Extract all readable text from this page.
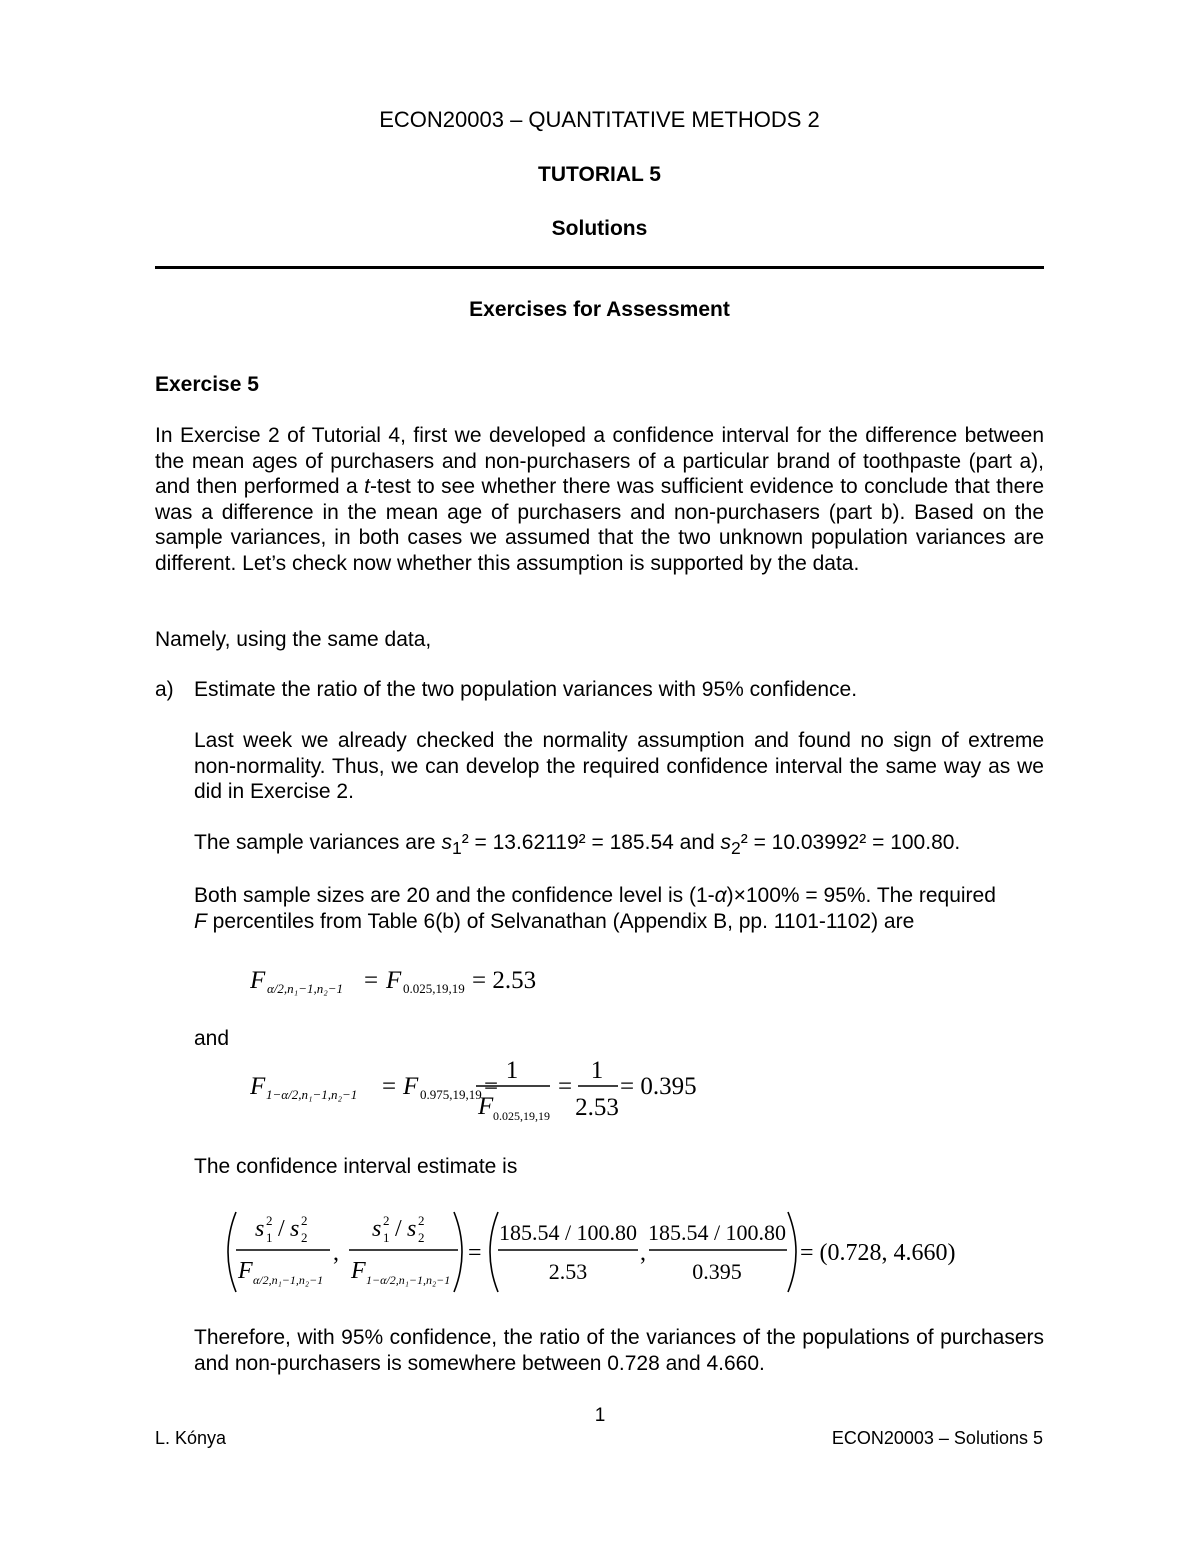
ECON20003 – QUANTITATIVE METHODS 2
TUTORIAL 5
Solutions
Exercises for Assessment
Exercise 5
In Exercise 2 of Tutorial 4, first we developed a confidence interval for the difference between the mean ages of purchasers and non-purchasers of a particular brand of toothpaste (part a), and then performed a t-test to see whether there was sufficient evidence to conclude that there was a difference in the mean age of purchasers and non-purchasers (part b). Based on the sample variances, in both cases we assumed that the two unknown population variances are different. Let’s check now whether this assumption is supported by the data.
Namely, using the same data,
a) Estimate the ratio of the two population variances with 95% confidence.
Last week we already checked the normality assumption and found no sign of extreme non-normality. Thus, we can develop the required confidence interval the same way as we did in Exercise 2.
The sample variances are $s_1^2 = 13.62119^2 = 185.54$ and $s_2^2 = 10.03992^2 = 100.80$.
Both sample sizes are 20 and the confidence level is (1-α)×100% = 95%. The required
F percentiles from Table 6(b) of Selvanathan (Appendix B, pp. 1101-1102) are
F α/2,n₁−1,n₂−1 = F 0.025,19,19 = 2.53
and
F 1−α/2,n₁−1,n₂−1 = F 0.975,19,19 =
1
F 0.025,19,19
=
1
2.53
= 0.395
The confidence interval estimate is
s 2
1 / s 2
2
F α/2,n₁−1,n₂−1
,
s 2
1 / s 2
2
F 1−α/2,n₁−1,n₂−1
=
185.54 / 100.80
2.53
,
185.54 / 100.80
0.395
= (0.728, 4.660)
Therefore, with 95% confidence, the ratio of the variances of the populations of purchasers and non-purchasers is somewhere between 0.728 and 4.660.
1
L. Kónya	ECON20003 – Solutions 5
